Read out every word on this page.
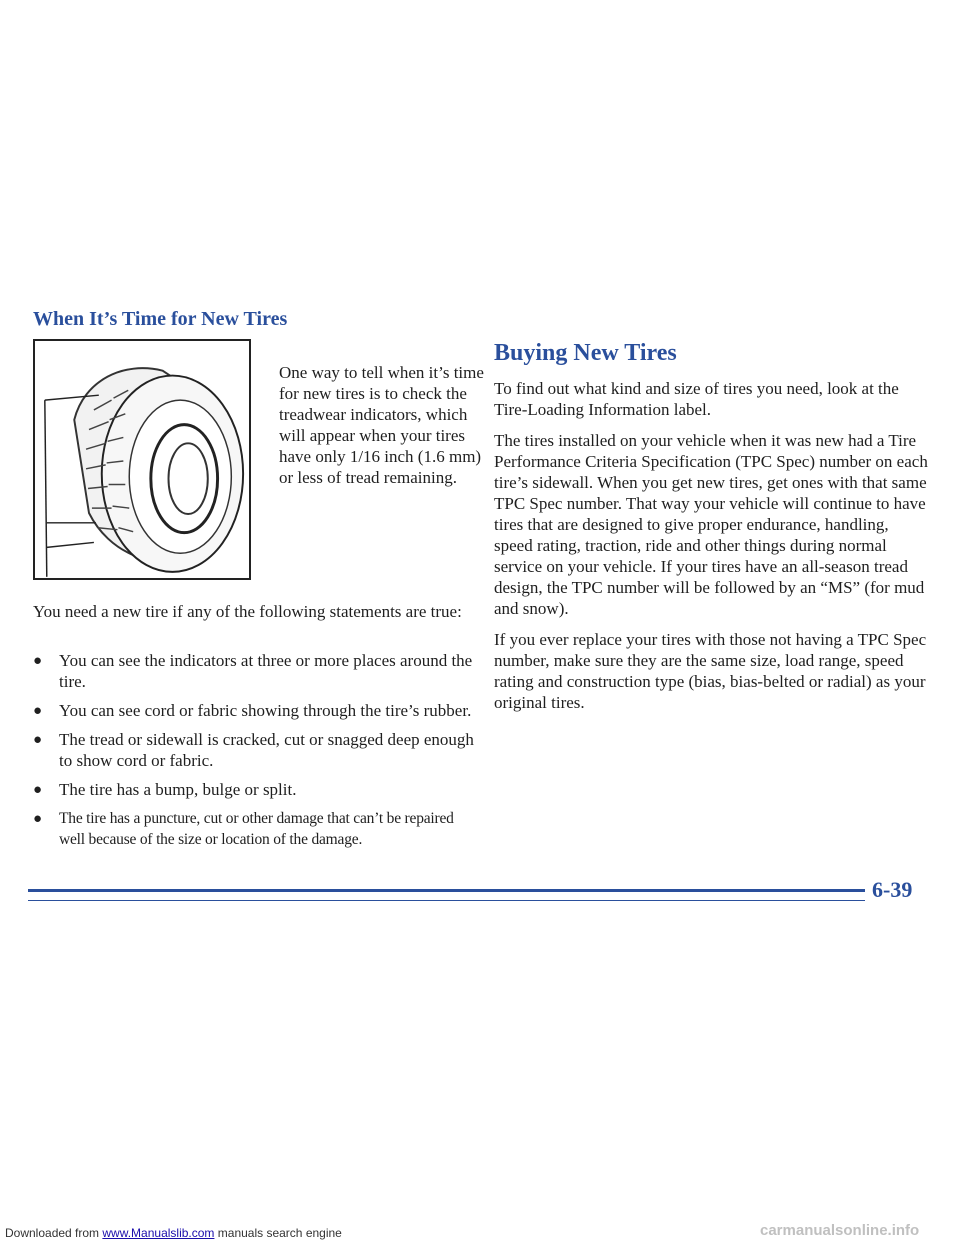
When It’s Time for New Tires

One way to tell when it’s time for new tires is to check the treadwear indicators, which will appear when your tires have only 1/16 inch (1.6 mm) or less of tread remaining.

You need a new tire if any of the following statements are true:

● You can see the indicators at three or more places around the tire.
● You can see cord or fabric showing through the tire’s rubber.
● The tread or sidewall is cracked, cut or snagged deep enough to show cord or fabric.
● The tire has a bump, bulge or split.
● The tire has a puncture, cut or other damage that can’t be repaired well because of the size or location of the damage.
Buying New Tires

To find out what kind and size of tires you need, look at the Tire-Loading Information label.

The tires installed on your vehicle when it was new had a Tire Performance Criteria Specification (TPC Spec) number on each tire’s sidewall. When you get new tires, get ones with that same TPC Spec number. That way your vehicle will continue to have tires that are designed to give proper endurance, handling, speed rating, traction, ride and other things during normal service on your vehicle. If your tires have an all-season tread design, the TPC number will be followed by an “MS” (for mud and snow).

If you ever replace your tires with those not having a TPC Spec number, make sure they are the same size, load range, speed rating and construction type (bias, bias-belted or radial) as your original tires.

6-39

Downloaded from www.Manualslib.com manuals search engine	carmanualsonline.info
